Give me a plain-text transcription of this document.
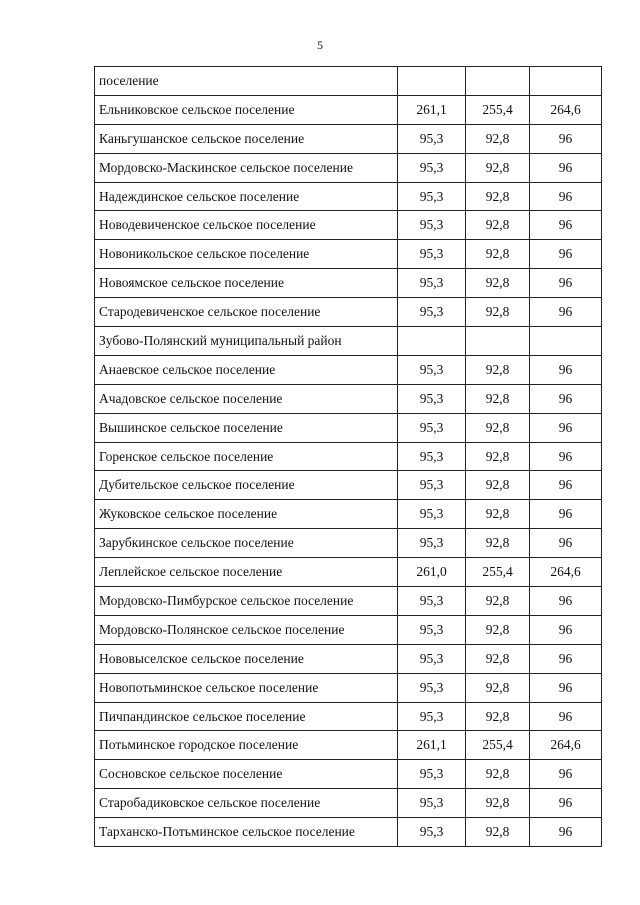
5
поселение			
Ельниковское сельское поселение	261,1	255,4	264,6
Каньгушанское сельское поселение	95,3	92,8	96
Мордовско-Маскинское сельское поселение	95,3	92,8	96
Надеждинское сельское поселение	95,3	92,8	96
Новодевиченское сельское поселение	95,3	92,8	96
Новоникольское сельское поселение	95,3	92,8	96
Новоямское сельское поселение	95,3	92,8	96
Стародевиченское сельское поселение	95,3	92,8	96
Зубово-Полянский муниципальный район			
Анаевское сельское поселение	95,3	92,8	96
Ачадовское сельское поселение	95,3	92,8	96
Вышинское сельское поселение	95,3	92,8	96
Горенское сельское поселение	95,3	92,8	96
Дубительское сельское поселение	95,3	92,8	96
Жуковское сельское поселение	95,3	92,8	96
Зарубкинское сельское поселение	95,3	92,8	96
Леплейское сельское поселение	261,0	255,4	264,6
Мордовско-Пимбурское сельское поселение	95,3	92,8	96
Мордовско-Полянское сельское поселение	95,3	92,8	96
Нововыселское сельское поселение	95,3	92,8	96
Новопотьминское сельское поселение	95,3	92,8	96
Пичпандинское сельское поселение	95,3	92,8	96
Потьминское городское поселение	261,1	255,4	264,6
Сосновское сельское поселение	95,3	92,8	96
Старобадиковское сельское поселение	95,3	92,8	96
Тарханско-Потьминское сельское поселение	95,3	92,8	96
